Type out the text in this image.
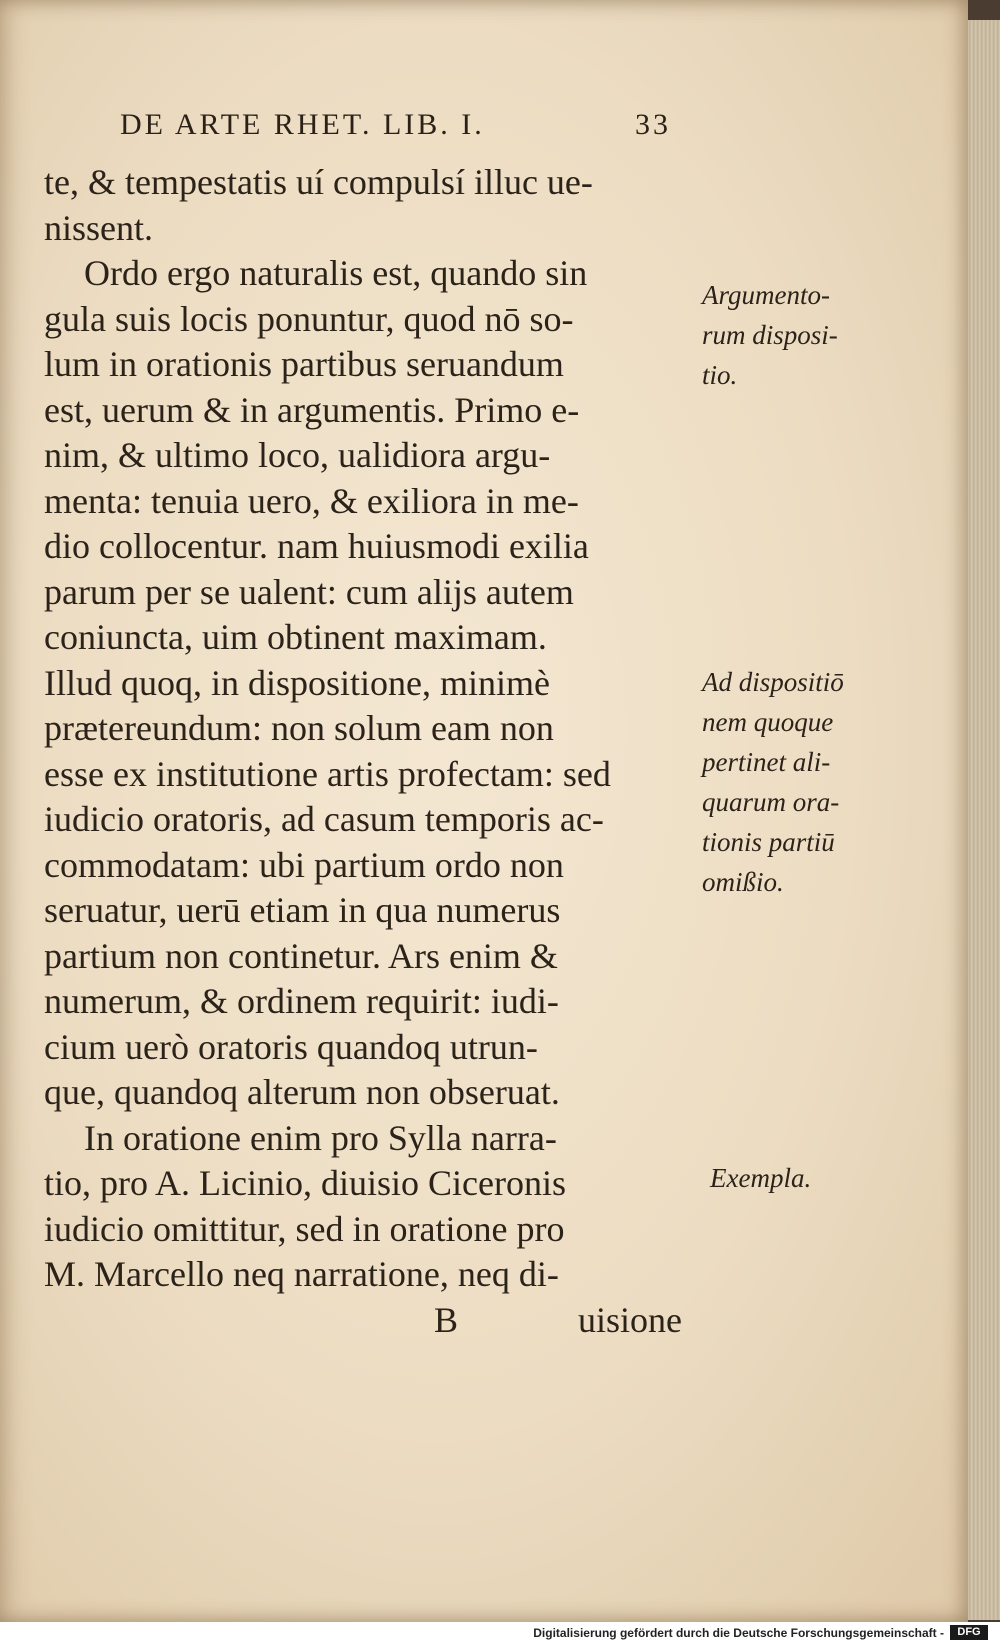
DE ARTE RHET. LIB. I.	33
te, & tempestatis uí compulsí illuc ue-
nissent.
Ordo ergo naturalis est, quando sin
gula suis locis ponuntur, quod nō so-
lum in orationis partibus seruandum
est, uerum & in argumentis. Primo e-
nim, & ultimo loco, ualidiora argu-
menta: tenuia uero, & exiliora in me-
dio collocentur. nam huiusmodi exilia
parum per se ualent: cum alijs autem
coniuncta, uim obtinent maximam.
Illud quoq, in dispositione, minimè
prætereundum: non solum eam non
esse ex institutione artis profectam: sed
iudicio oratoris, ad casum temporis ac-
commodatam: ubi partium ordo non
seruatur, uerū etiam in qua numerus
partium non continetur. Ars enim &
numerum, & ordinem requirit: iudi-
cium uerò oratoris quandoq utrun-
que, quandoq alterum non obseruat.
In oratione enim pro Sylla narra-
tio, pro A. Licinio, diuisio Ciceronis
iudicio omittitur, sed in oratione pro
M. Marcello neq narratione, neq di-
B	uisione
Argumento-
rum disposi-
tio.
Ad dispositiō
nem quoque
pertinet ali-
quarum ora-
tionis partiū
omißio.
Exempla.
Digitalisierung gefördert durch die Deutsche Forschungsgemeinschaft -	DFG
